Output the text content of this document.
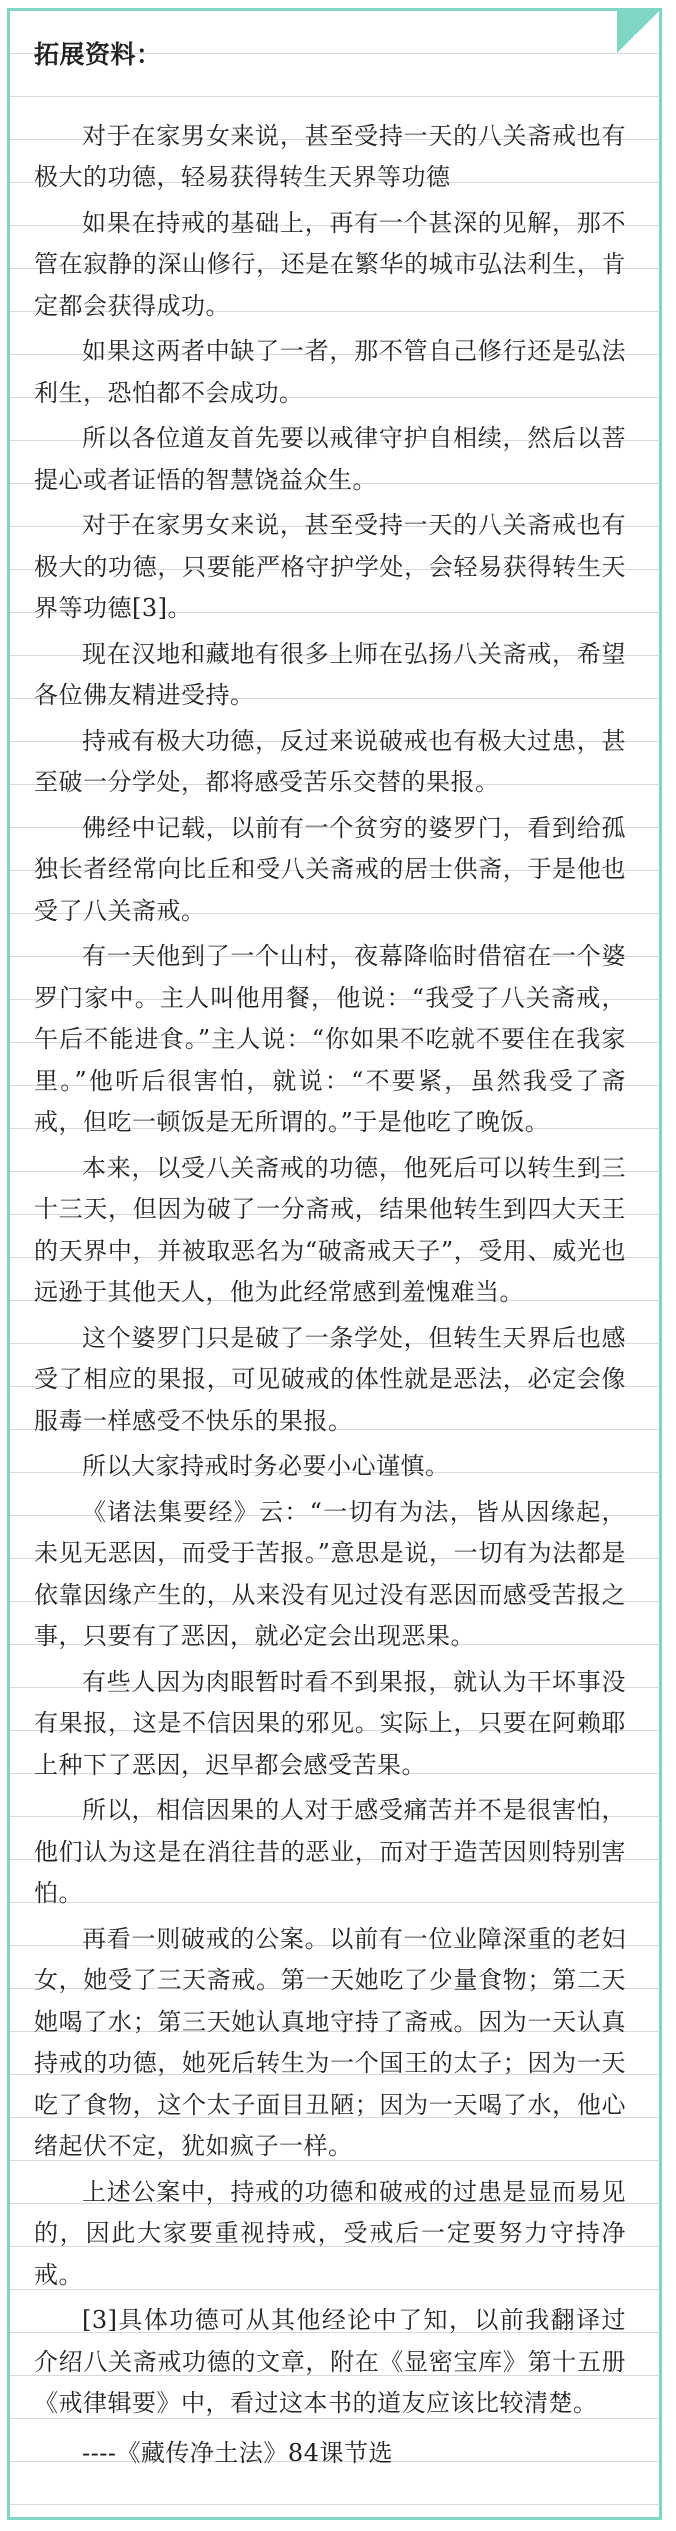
拓展资料：

对于在家男女来说，甚至受持一天的八关斋戒也有极大的功德，轻易获得转生天界等功德

如果在持戒的基础上，再有一个甚深的见解，那不管在寂静的深山修行，还是在繁华的城市弘法利生，肯定都会获得成功。

如果这两者中缺了一者，那不管自己修行还是弘法利生，恐怕都不会成功。

所以各位道友首先要以戒律守护自相续，然后以菩提心或者证悟的智慧饶益众生。

对于在家男女来说，甚至受持一天的八关斋戒也有极大的功德，只要能严格守护学处，会轻易获得转生天界等功德[3]。

现在汉地和藏地有很多上师在弘扬八关斋戒，希望各位佛友精进受持。

持戒有极大功德，反过来说破戒也有极大过患，甚至破一分学处，都将感受苦乐交替的果报。

佛经中记载，以前有一个贫穷的婆罗门，看到给孤独长者经常向比丘和受八关斋戒的居士供斋，于是他也受了八关斋戒。

有一天他到了一个山村，夜幕降临时借宿在一个婆罗门家中。主人叫他用餐，他说：“我受了八关斋戒，午后不能进食。”主人说：“你如果不吃就不要住在我家里。”他听后很害怕，就说：“不要紧，虽然我受了斋戒，但吃一顿饭是无所谓的。”于是他吃了晚饭。

本来，以受八关斋戒的功德，他死后可以转生到三十三天，但因为破了一分斋戒，结果他转生到四大天王的天界中，并被取恶名为“破斋戒天子”，受用、威光也远逊于其他天人，他为此经常感到羞愧难当。

这个婆罗门只是破了一条学处，但转生天界后也感受了相应的果报，可见破戒的体性就是恶法，必定会像服毒一样感受不快乐的果报。

所以大家持戒时务必要小心谨慎。

《诸法集要经》云：“一切有为法，皆从因缘起，未见无恶因，而受于苦报。”意思是说，一切有为法都是依靠因缘产生的，从来没有见过没有恶因而感受苦报之事，只要有了恶因，就必定会出现恶果。

有些人因为肉眼暂时看不到果报，就认为干坏事没有果报，这是不信因果的邪见。实际上，只要在阿赖耶上种下了恶因，迟早都会感受苦果。

所以，相信因果的人对于感受痛苦并不是很害怕，他们认为这是在消往昔的恶业，而对于造苦因则特别害怕。

再看一则破戒的公案。以前有一位业障深重的老妇女，她受了三天斋戒。第一天她吃了少量食物；第二天她喝了水；第三天她认真地守持了斋戒。因为一天认真持戒的功德，她死后转生为一个国王的太子；因为一天吃了食物，这个太子面目丑陋；因为一天喝了水，他心绪起伏不定，犹如疯子一样。

上述公案中，持戒的功德和破戒的过患是显而易见的，因此大家要重视持戒，受戒后一定要努力守持净戒。

[3]具体功德可从其他经论中了知，以前我翻译过介绍八关斋戒功德的文章，附在《显密宝库》第十五册《戒律辑要》中，看过这本书的道友应该比较清楚。

----《藏传净土法》84课节选
